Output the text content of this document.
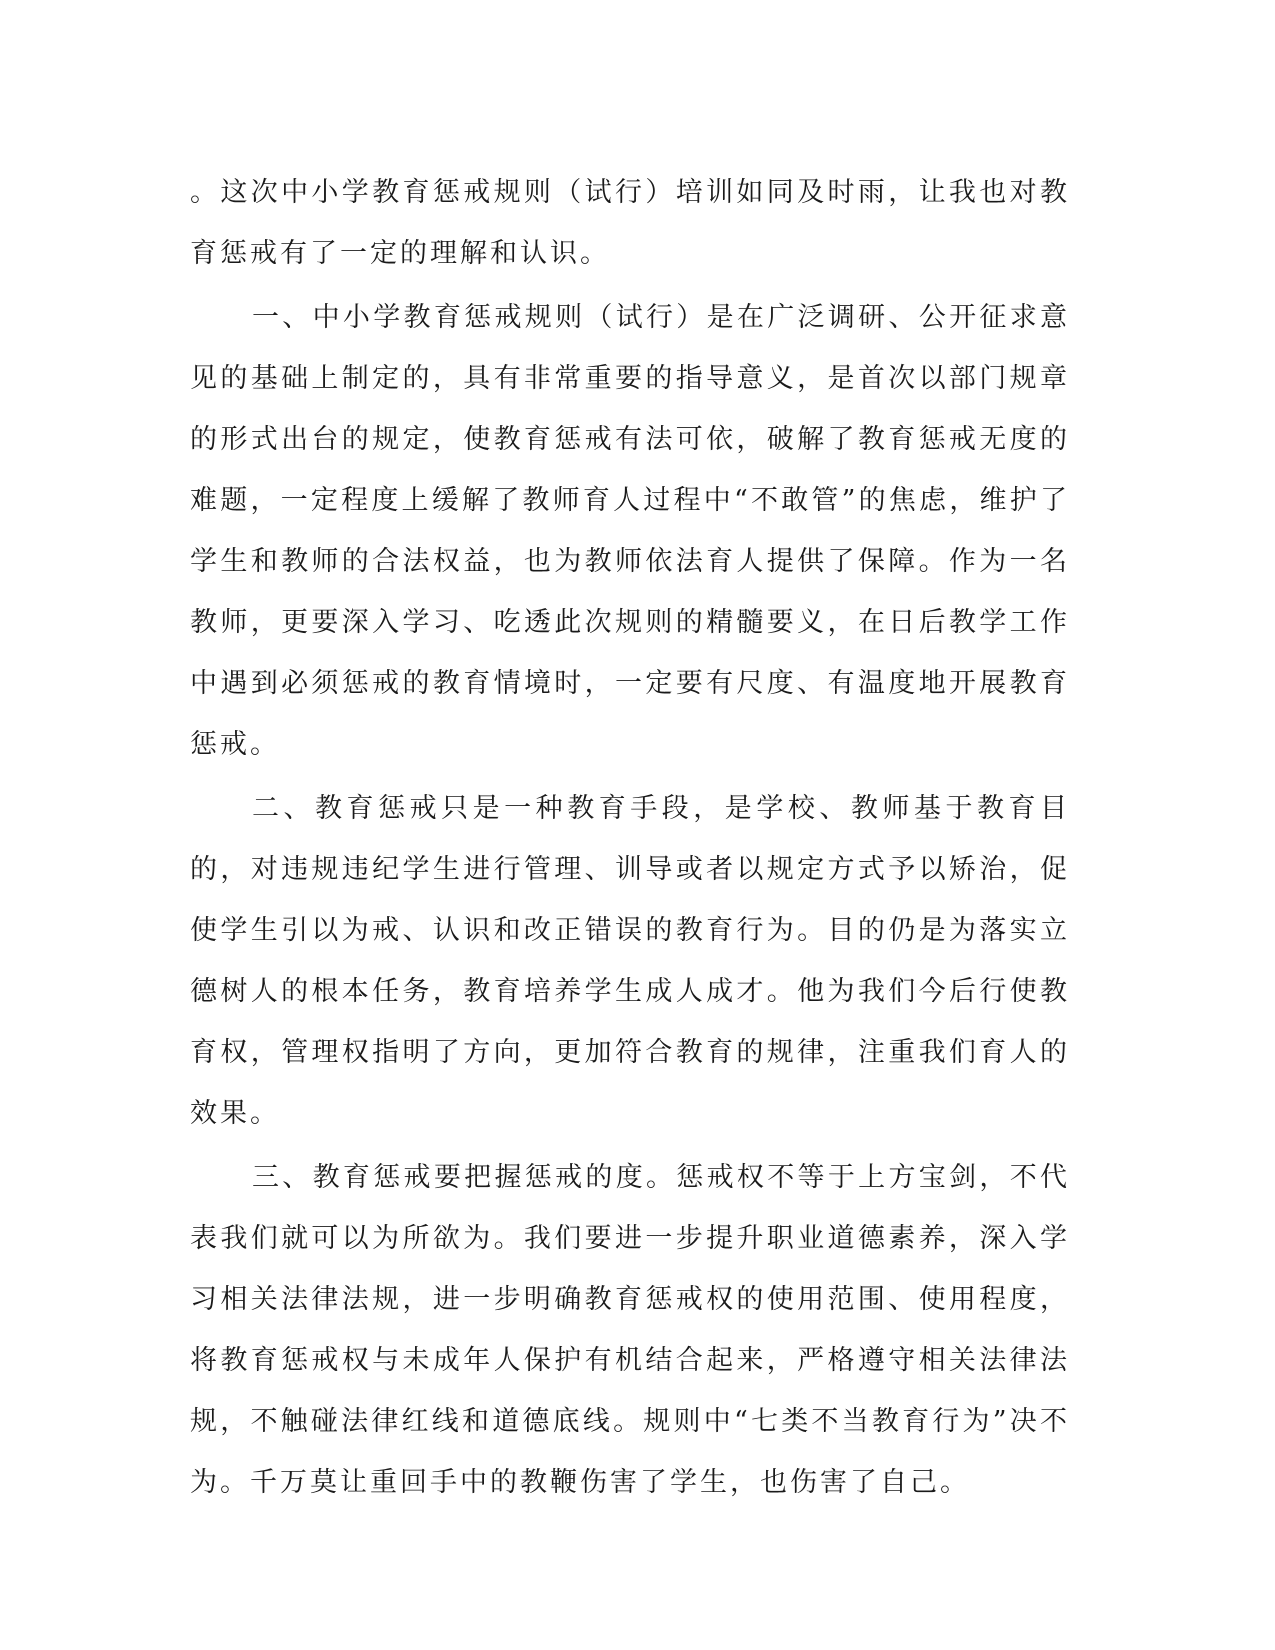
。这次中小学教育惩戒规则（试行）培训如同及时雨，让我也对教育惩戒有了一定的理解和认识。

一、中小学教育惩戒规则（试行）是在广泛调研、公开征求意见的基础上制定的，具有非常重要的指导意义，是首次以部门规章的形式出台的规定，使教育惩戒有法可依，破解了教育惩戒无度的难题，一定程度上缓解了教师育人过程中“不敢管”的焦虑，维护了学生和教师的合法权益，也为教师依法育人提供了保障。作为一名教师，更要深入学习、吃透此次规则的精髓要义，在日后教学工作中遇到必须惩戒的教育情境时，一定要有尺度、有温度地开展教育惩戒。

二、教育惩戒只是一种教育手段，是学校、教师基于教育目的，对违规违纪学生进行管理、训导或者以规定方式予以矫治，促使学生引以为戒、认识和改正错误的教育行为。目的仍是为落实立德树人的根本任务，教育培养学生成人成才。他为我们今后行使教育权，管理权指明了方向，更加符合教育的规律，注重我们育人的效果。

三、教育惩戒要把握惩戒的度。惩戒权不等于上方宝剑，不代表我们就可以为所欲为。我们要进一步提升职业道德素养，深入学习相关法律法规，进一步明确教育惩戒权的使用范围、使用程度，将教育惩戒权与未成年人保护有机结合起来，严格遵守相关法律法规，不触碰法律红线和道德底线。规则中“七类不当教育行为”决不为。千万莫让重回手中的教鞭伤害了学生，也伤害了自己。
